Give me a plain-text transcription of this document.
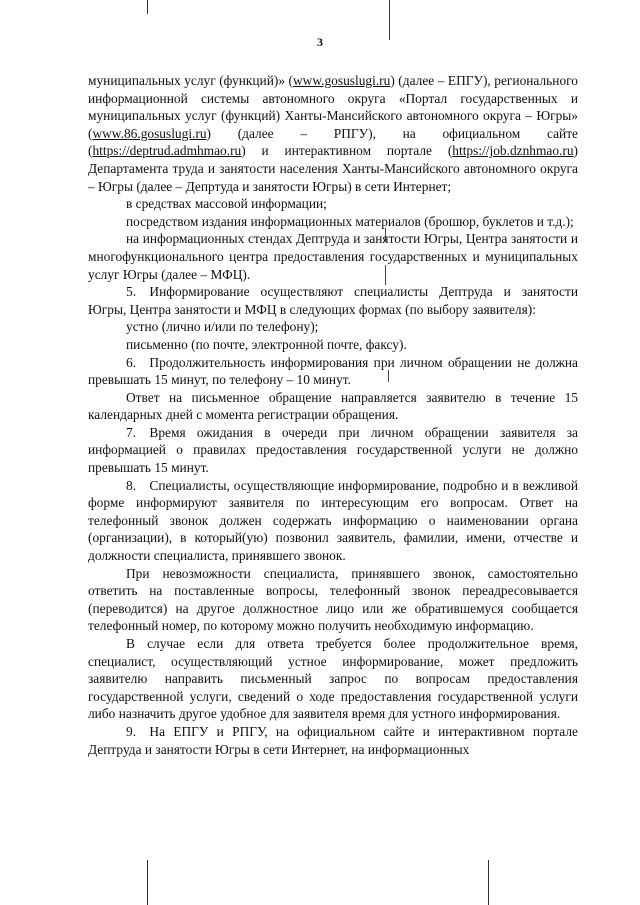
3

муниципальных услуг (функций)» (www.gosuslugi.ru) (далее – ЕПГУ), регионального информационной системы автономного округа «Портал государственных и муниципальных услуг (функций) Ханты-Мансийского автономного округа – Югры» (www.86.gosuslugi.ru) (далее – РПГУ), на официальном сайте (https://deptrud.admhmao.ru) и интерактивном портале (https://job.dznhmao.ru) Департамента труда и занятости населения Ханты-Мансийского автономного округа – Югры (далее – Депртуда и занятости Югры) в сети Интернет;

в средствах массовой информации;

посредством издания информационных материалов (брошюр, буклетов и т.д.);

на информационных стендах Дептруда и занятости Югры, Центра занятости и многофункционального центра предоставления государственных и муниципальных услуг Югры (далее – МФЦ).

5. Информирование осуществляют специалисты Дептруда и занятости Югры, Центра занятости и МФЦ в следующих формах (по выбору заявителя):

устно (лично и/или по телефону);

письменно (по почте, электронной почте, факсу).

6. Продолжительность информирования при личном обращении не должна превышать 15 минут, по телефону – 10 минут.

Ответ на письменное обращение направляется заявителю в течение 15 календарных дней с момента регистрации обращения.

7. Время ожидания в очереди при личном обращении заявителя за информацией о правилах предоставления государственной услуги не должно превышать 15 минут.

8. Специалисты, осуществляющие информирование, подробно и в вежливой форме информируют заявителя по интересующим его вопросам. Ответ на телефонный звонок должен содержать информацию о наименовании органа (организации), в который(ую) позвонил заявитель, фамилии, имени, отчестве и должности специалиста, принявшего звонок.

При невозможности специалиста, принявшего звонок, самостоятельно ответить на поставленные вопросы, телефонный звонок переадресовывается (переводится) на другое должностное лицо или же обратившемуся сообщается телефонный номер, по которому можно получить необходимую информацию.

В случае если для ответа требуется более продолжительное время, специалист, осуществляющий устное информирование, может предложить заявителю направить письменный запрос по вопросам предоставления государственной услуги, сведений о ходе предоставления государственной услуги либо назначить другое удобное для заявителя время для устного информирования.

9. На ЕПГУ и РПГУ, на официальном сайте и интерактивном портале Дептруда и занятости Югры в сети Интернет, на информационных
